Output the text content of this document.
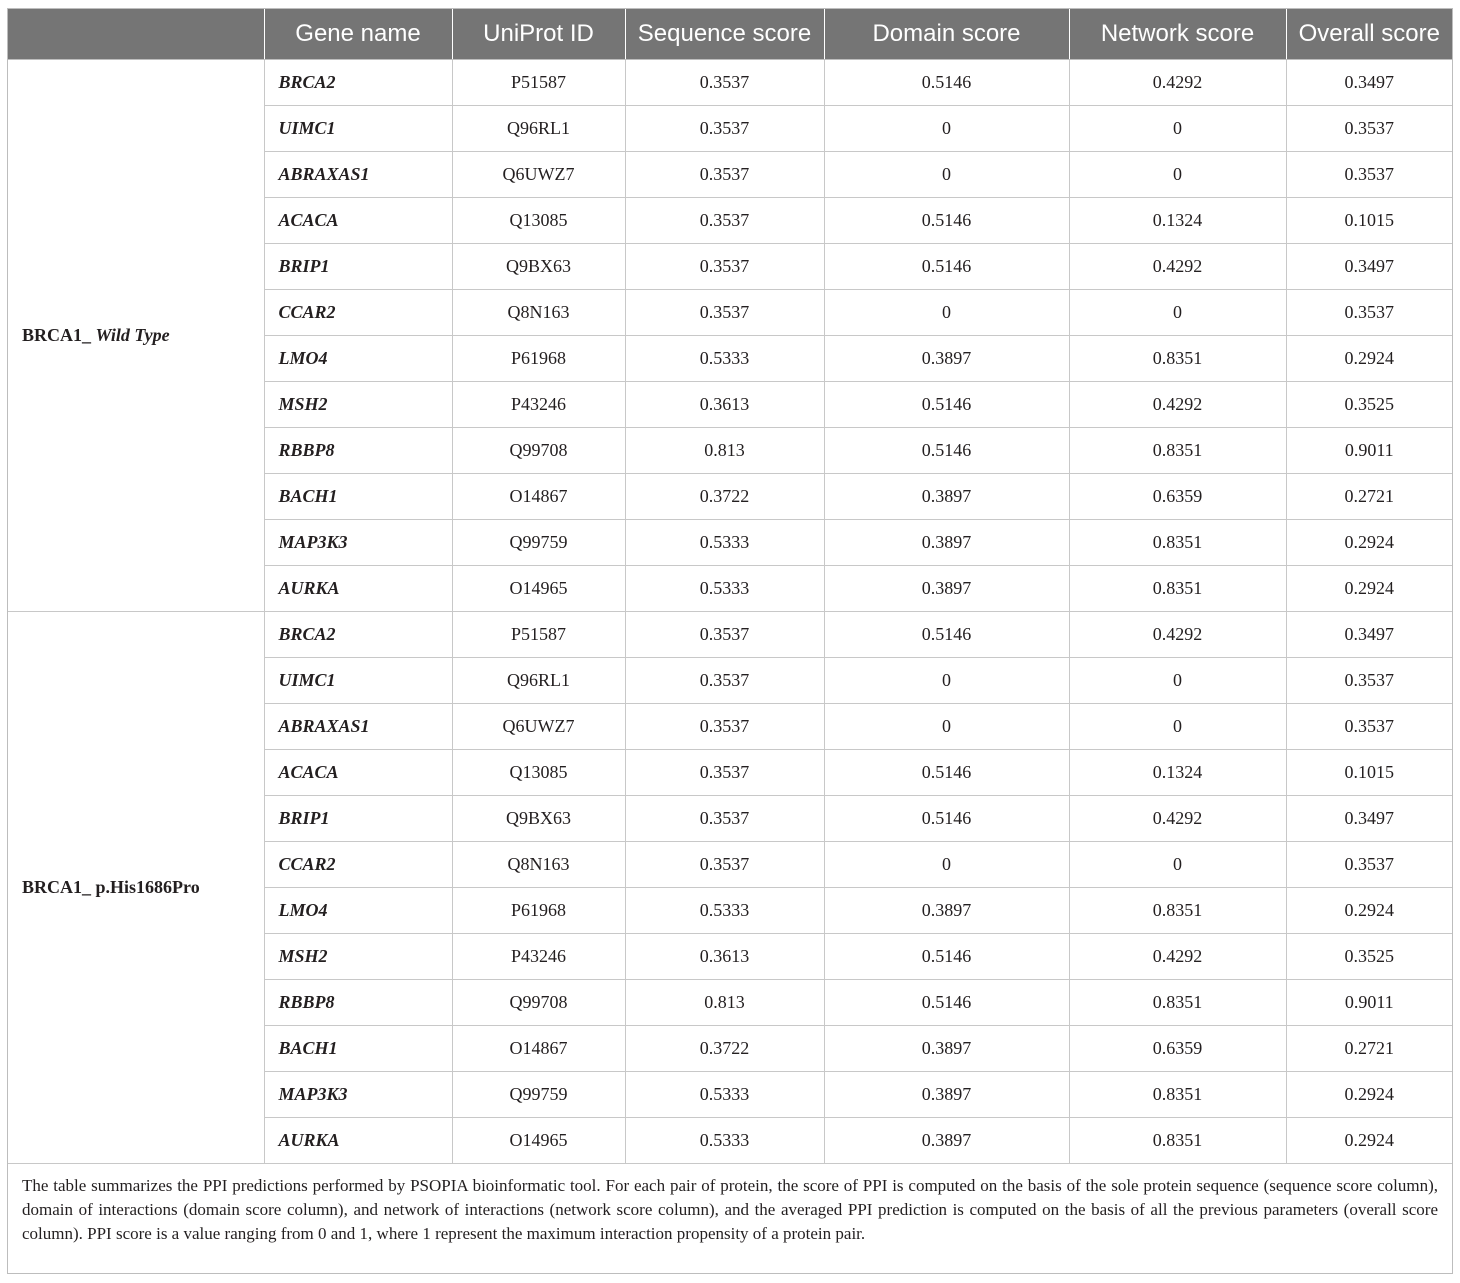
	Gene name	UniProt ID	Sequence score	Domain score	Network score	Overall score
BRCA1_ Wild Type	BRCA2	P51587	0.3537	0.5146	0.4292	0.3497
	UIMC1	Q96RL1	0.3537	0	0	0.3537
	ABRAXAS1	Q6UWZ7	0.3537	0	0	0.3537
	ACACA	Q13085	0.3537	0.5146	0.1324	0.1015
	BRIP1	Q9BX63	0.3537	0.5146	0.4292	0.3497
	CCAR2	Q8N163	0.3537	0	0	0.3537
	LMO4	P61968	0.5333	0.3897	0.8351	0.2924
	MSH2	P43246	0.3613	0.5146	0.4292	0.3525
	RBBP8	Q99708	0.813	0.5146	0.8351	0.9011
	BACH1	O14867	0.3722	0.3897	0.6359	0.2721
	MAP3K3	Q99759	0.5333	0.3897	0.8351	0.2924
	AURKA	O14965	0.5333	0.3897	0.8351	0.2924
BRCA1_ p.His1686Pro	BRCA2	P51587	0.3537	0.5146	0.4292	0.3497
	UIMC1	Q96RL1	0.3537	0	0	0.3537
	ABRAXAS1	Q6UWZ7	0.3537	0	0	0.3537
	ACACA	Q13085	0.3537	0.5146	0.1324	0.1015
	BRIP1	Q9BX63	0.3537	0.5146	0.4292	0.3497
	CCAR2	Q8N163	0.3537	0	0	0.3537
	LMO4	P61968	0.5333	0.3897	0.8351	0.2924
	MSH2	P43246	0.3613	0.5146	0.4292	0.3525
	RBBP8	Q99708	0.813	0.5146	0.8351	0.9011
	BACH1	O14867	0.3722	0.3897	0.6359	0.2721
	MAP3K3	Q99759	0.5333	0.3897	0.8351	0.2924
	AURKA	O14965	0.5333	0.3897	0.8351	0.2924
The table summarizes the PPI predictions performed by PSOPIA bioinformatic tool. For each pair of protein, the score of PPI is computed on the basis of the sole protein sequence (sequence score column), domain of interactions (domain score column), and network of interactions (network score column), and the averaged PPI prediction is computed on the basis of all the previous parameters (overall score column). PPI score is a value ranging from 0 and 1, where 1 represent the maximum interaction propensity of a protein pair.
